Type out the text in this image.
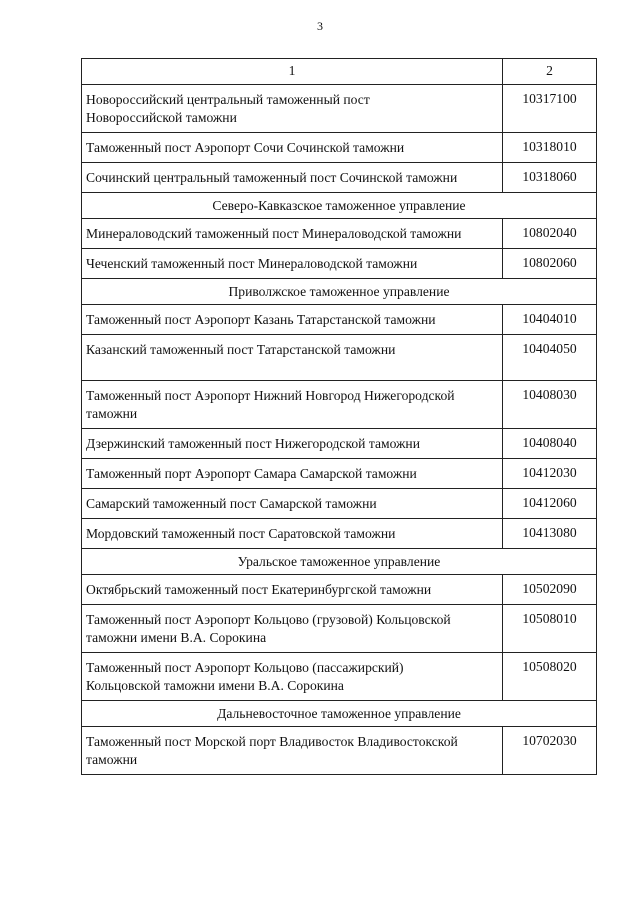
3
1	2

Новороссийский центральный таможенный пост
Новороссийской таможни	10317100

Таможенный пост Аэропорт Сочи Сочинской таможни	10318010

Сочинский центральный таможенный пост Сочинской таможни	10318060
Северо-Кавказское таможенное управление	

Минераловодский таможенный пост Минераловодской таможни	10802040

Чеченский таможенный пост Минераловодской таможни	10802060
Приволжское таможенное управление	

Таможенный пост Аэропорт Казань Татарстанской таможни	10404010

Казанский таможенный пост Татарстанской таможни	10404050

Таможенный пост Аэропорт Нижний Новгород Нижегородской
таможни	10408030

Дзержинский таможенный пост Нижегородской таможни	10408040

Таможенный порт Аэропорт Самара Самарской таможни	10412030

Самарский таможенный пост Самарской таможни	10412060

Мордовский таможенный пост Саратовской таможни	10413080
Уральское таможенное управление	

Октябрьский таможенный пост Екатеринбургской таможни	10502090

Таможенный пост Аэропорт Кольцово (грузовой) Кольцовской
таможни имени В.А. Сорокина	10508010

Таможенный пост Аэропорт Кольцово (пассажирский)
Кольцовской таможни имени В.А. Сорокина	10508020
Дальневосточное таможенное управление	

Таможенный пост Морской порт Владивосток Владивостокской
таможни	10702030
